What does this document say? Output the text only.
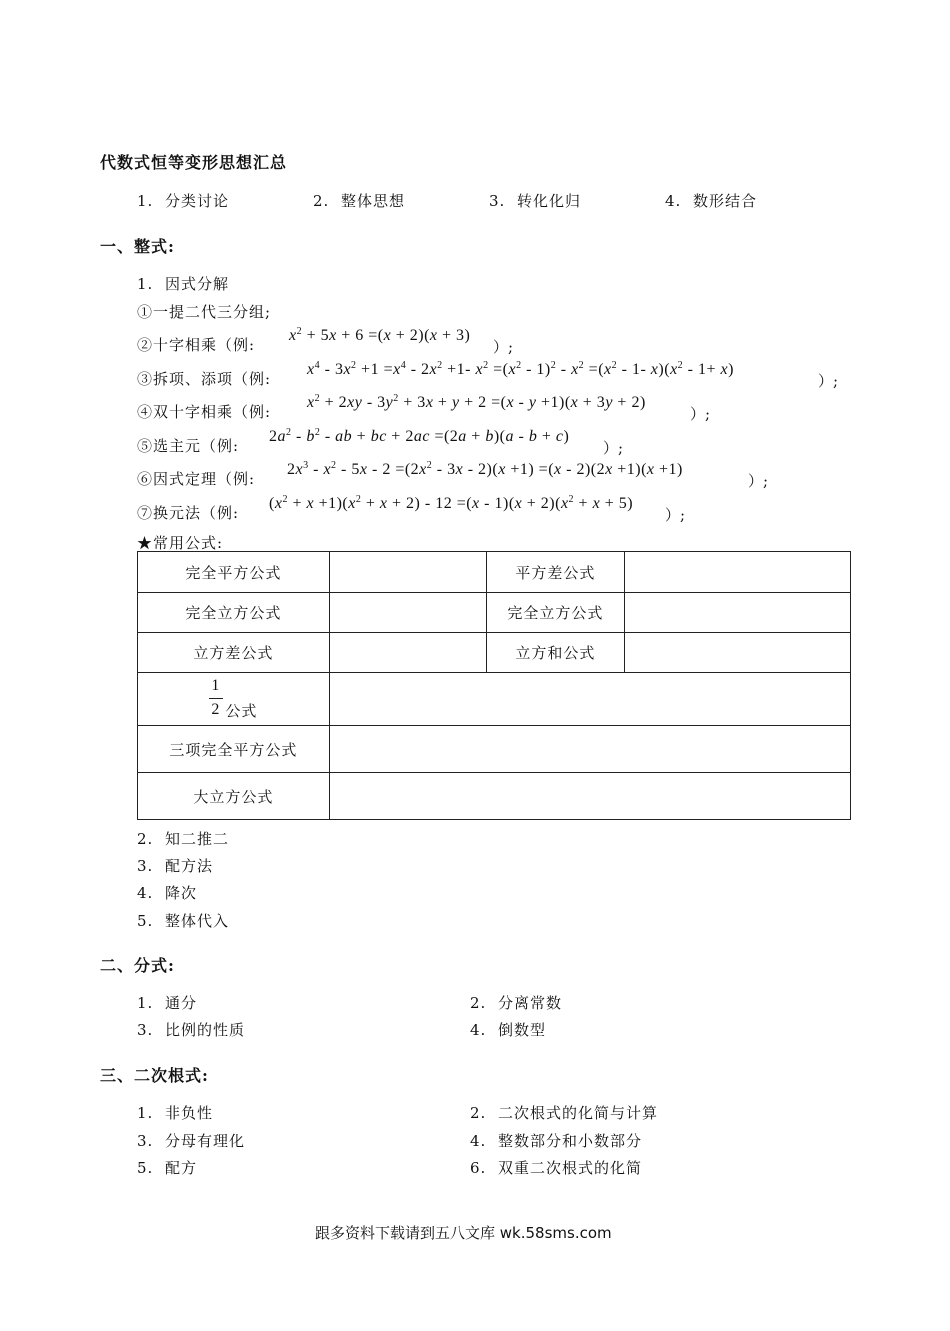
代数式恒等变形思想汇总
1. 分类讨论	2. 整体思想	3. 转化化归	4. 数形结合
一、整式:
1. 因式分解
①一提二代三分组;
②十字相乘（例:
$x^2 + 5x + 6 =(x + 2)(x + 3)$
）;
③拆项、添项（例:
$x^4 - 3x^2 +1 =x^4 - 2x^2 +1-$ $x^2 =(x^2 - 1)^2 - x^2 =(x^2 - 1-$ $x)(x^2 - 1+ x)$
）;
④双十字相乘（例:
$x^2 + 2xy - 3y^2 + 3x + y + 2 =(x - y +1)(x + 3y + 2)$
）;
⑤选主元（例:
$2a^2 - b^2$ - ab + bc + 2ac =(2a + b)(a - b + c)
）;
⑥因式定理（例:
$2x^3 - x^2 - 5x - 2 =(2x^2 - 3x - 2)(x +1) =(x - 2)(2x +1)(x +1)$
）;
⑦换元法（例:
$(x^2 + x +1)(x^2 + x + 2) - 12 =(x - 1)(x + 2)(x^2 + x + 5)$
）;
★常用公式:
完全平方公式		平方差公式	
完全立方公式		完全立方公式	
立方差公式		立方和公式	

$\frac{1}{2}$ 公式			
三项完全平方公式			
大立方公式			
2. 知二推二
3. 配方法
4. 降次
5. 整体代入
二、分式:
1. 通分	2. 分离常数
3. 比例的性质	4. 倒数型
三、二次根式:
1. 非负性	2. 二次根式的化简与计算
3. 分母有理化	4. 整数部分和小数部分
5. 配方	6. 双重二次根式的化简
跟多资料下载请到五八文库 wk.58sms.com
